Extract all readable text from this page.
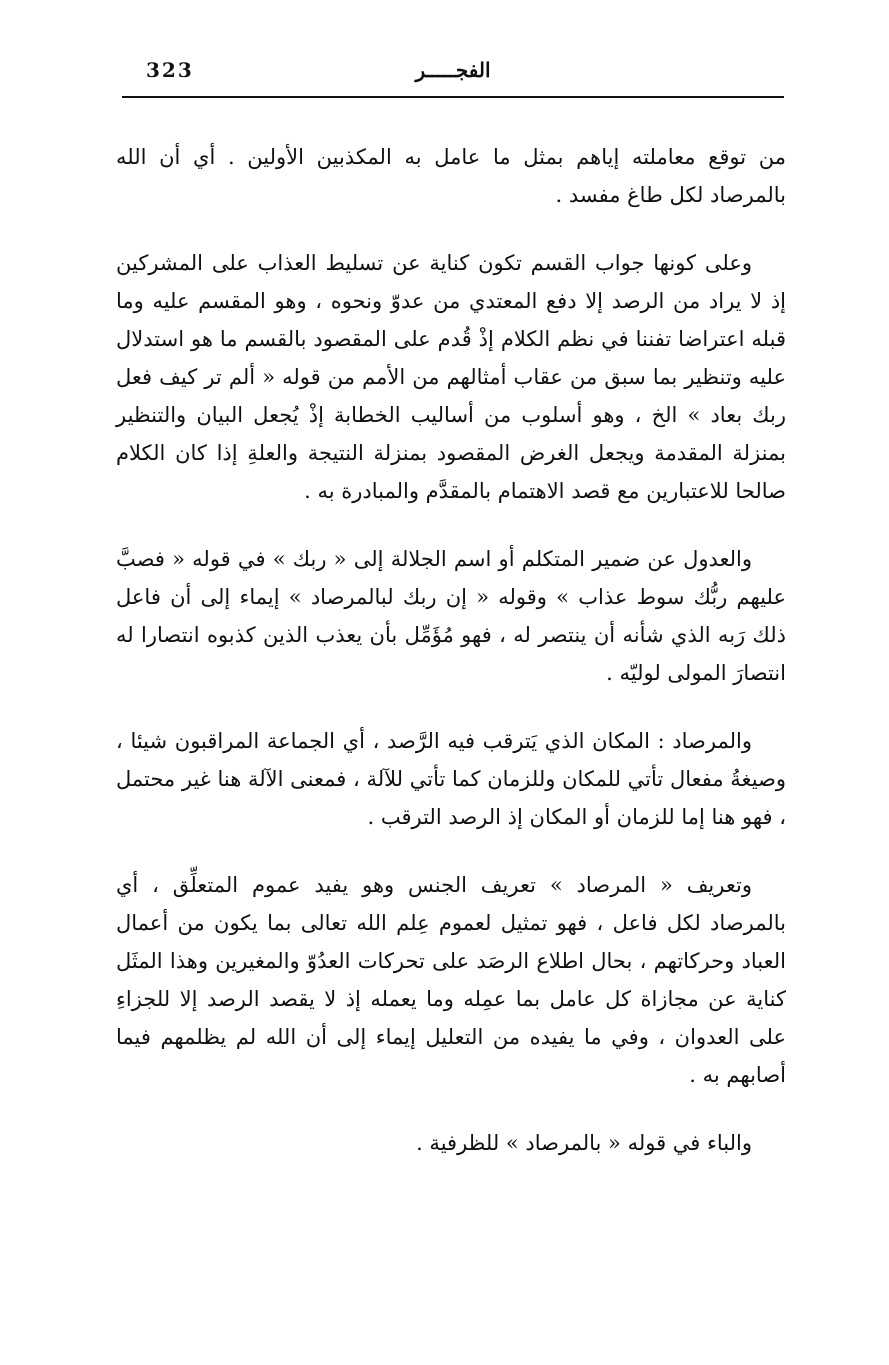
323	الفجـــــر

من توقع معاملته إياهم بمثل ما عامل به المكذبين الأولين . أي أن الله بالمرصاد لكل طاغ مفسد .

وعلى كونها جواب القسم تكون كناية عن تسليط العذاب على المشركين إذ لا يراد من الرصد إلا دفع المعتدي من عدوّ ونحوه ، وهو المقسم عليه وما قبله اعتراضا تفننا في نظم الكلام إذْ قُدم على المقصود بالقسم ما هو استدلال عليه وتنظير بما سبق من عقاب أمثالهم من الأمم من قوله « ألم تر كيف فعل ربك بعاد » الخ ، وهو أسلوب من أساليب الخطابة إذْ يُجعل البيان والتنظير بمنزلة المقدمة ويجعل الغرض المقصود بمنزلة النتيجة والعلةِ إذا كان الكلام صالحا للاعتبارين مع قصد الاهتمام بالمقدَّم والمبادرة به .

والعدول عن ضمير المتكلم أو اسم الجلالة إلى « ربك » في قوله « فصبَّ عليهم ربُّك سوط عذاب » وقوله « إن ربك لبالمرصاد » إيماء إلى أن فاعل ذلك رَبه الذي شأنه أن ينتصر له ، فهو مُؤَمِّل بأن يعذب الذين كذبوه انتصارا له انتصارَ المولى لوليّه .

والمرصاد : المكان الذي يَترقب فيه الرَّصد ، أي الجماعة المراقبون شيئا ، وصيغةُ مفعال تأتي للمكان وللزمان كما تأتي للآلة ، فمعنى الآلة هنا غير محتمل ، فهو هنا إما للزمان أو المكان إذ الرصد الترقب .

وتعريف « المرصاد » تعريف الجنس وهو يفيد عموم المتعلِّق ، أي بالمرصاد لكل فاعل ، فهو تمثيل لعموم عِلم الله تعالى بما يكون من أعمال العباد وحركاتهم ، بحال اطلاع الرصَد على تحركات العدُوّ والمغيرين وهذا المثَل كناية عن مجازاة كل عامل بما عمِله وما يعمله إذ لا يقصد الرصد إلا للجزاءِ على العدوان ، وفي ما يفيده من التعليل إيماء إلى أن الله لم يظلمهم فيما أصابهم به .

والباء في قوله « بالمرصاد » للظرفية .
